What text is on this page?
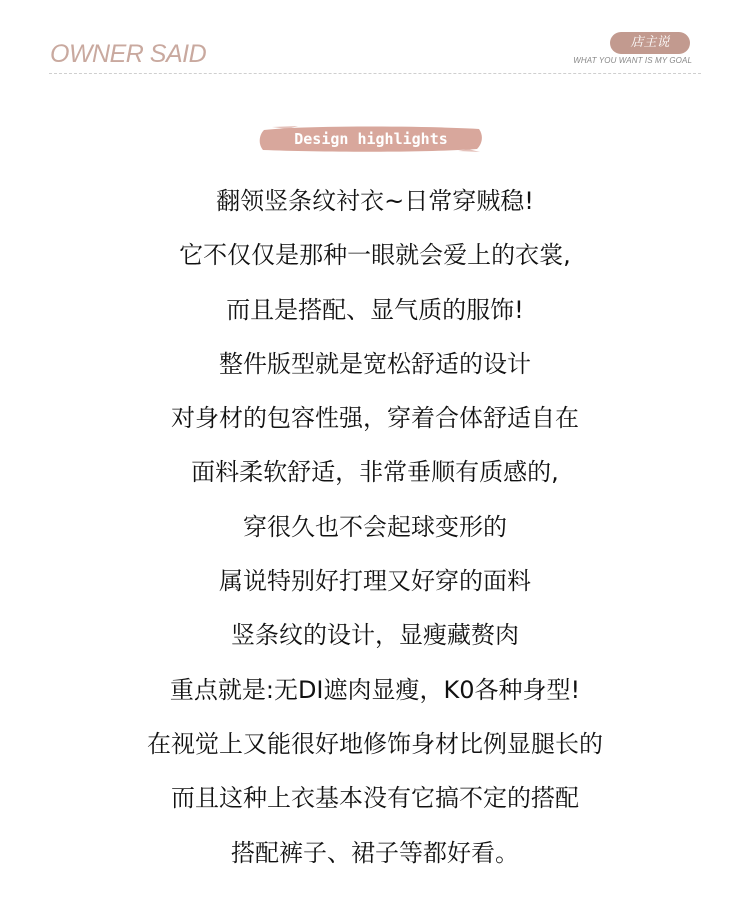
OWNER SAID	店主说
WHAT YOU WANT IS MY GOAL
Design highlights
翻领竖条纹衬衣~日常穿贼稳!
它不仅仅是那种一眼就会爱上的衣裳,
而且是搭配、显气质的服饰!
整件版型就是宽松舒适的设计
对身材的包容性强，穿着合体舒适自在
面料柔软舒适，非常垂顺有质感的,
穿很久也不会起球变形的
属说特别好打理又好穿的面料
竖条纹的设计，显瘦藏赘肉
重点就是:无DI遮肉显瘦，K0各种身型!
在视觉上又能很好地修饰身材比例显腿长的
而且这种上衣基本没有它搞不定的搭配
搭配裤子、裙子等都好看。
